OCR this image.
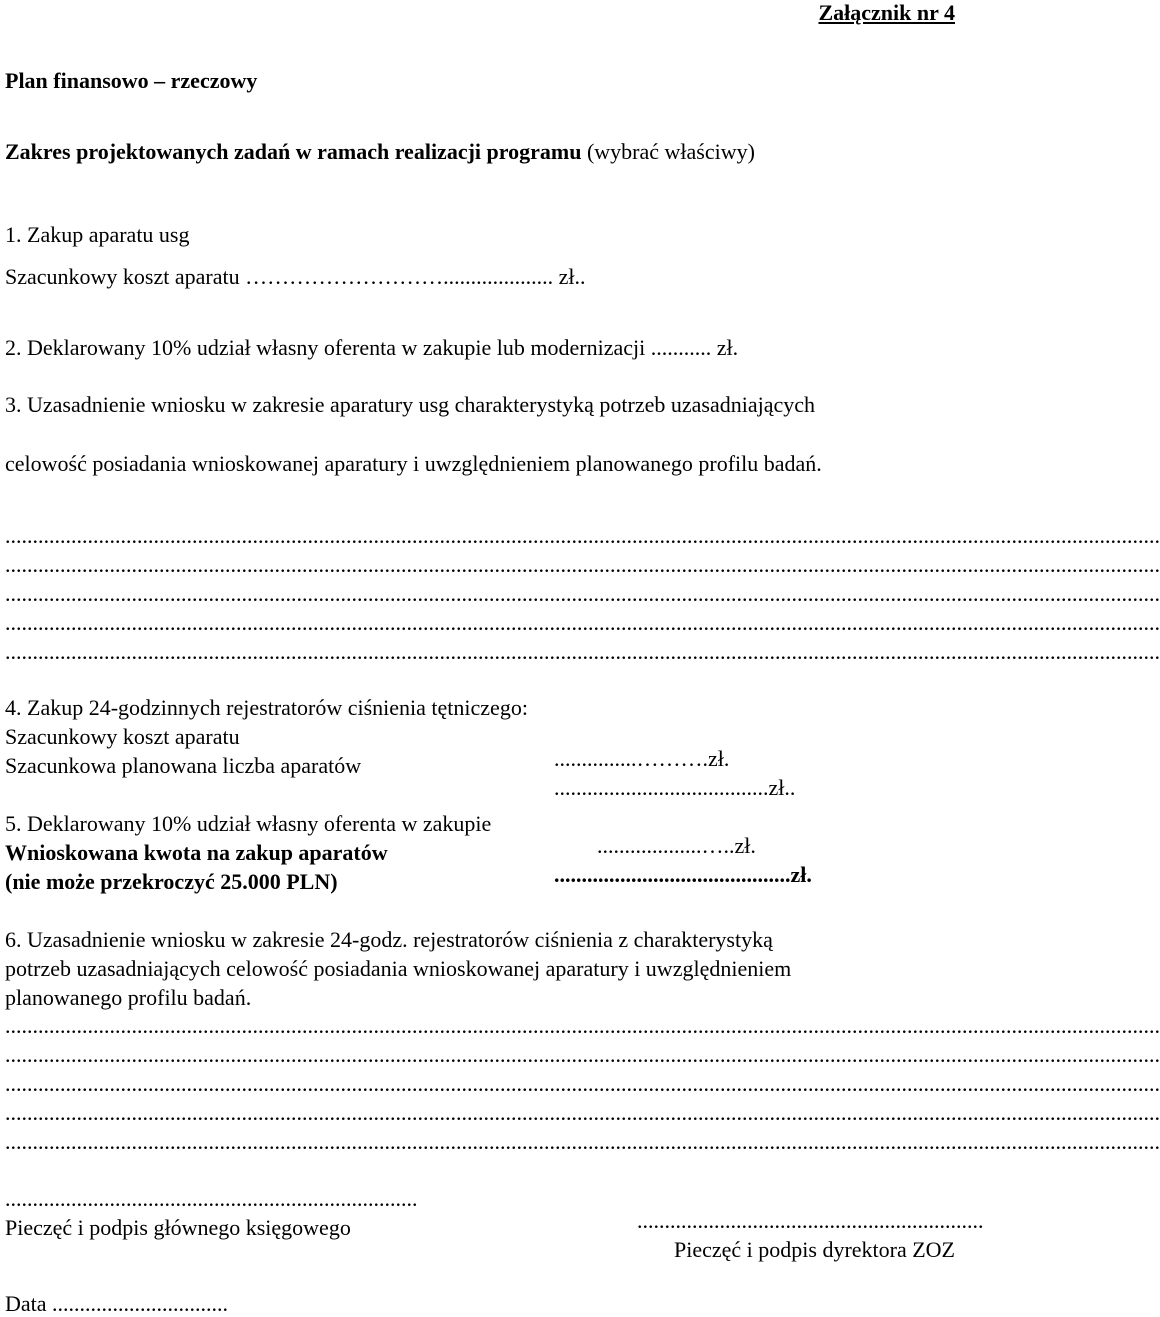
Załącznik nr 4

Plan finansowo – rzeczowy

Zakres projektowanych zadań w ramach realizacji programu (wybrać właściwy)

1. Zakup aparatu usg

Szacunkowy koszt aparatu ……………………….................... zł..

2. Deklarowany 10% udział własny oferenta w zakupie lub modernizacji ........... zł.

3. Uzasadnienie wniosku w zakresie aparatury usg charakterystyką potrzeb uzasadniających

celowość posiadania wnioskowanej aparatury i uwzględnieniem planowanego profilu badań.

..................................................................................................................................................................................................................
..................................................................................................................................................................................................................
..................................................................................................................................................................................................................
..................................................................................................................................................................................................................
..................................................................................................................................................................................................................

4. Zakup 24-godzinnych rejestratorów ciśnienia tętniczego:

Szacunkowy koszt aparatu

...............……….zł.

Szacunkowa planowana liczba aparatów

.......................................zł..

5. Deklarowany 10% udział własny oferenta w zakupie

...................…..zł.

Wnioskowana kwota na zakup aparatów

...........................................zł.

(nie może przekroczyć 25.000 PLN)

6. Uzasadnienie wniosku w zakresie 24-godz. rejestratorów ciśnienia z charakterystyką

potrzeb uzasadniających celowość posiadania wnioskowanej aparatury i uwzględnieniem

planowanego profilu badań.

..................................................................................................................................................................................................................
..................................................................................................................................................................................................................
..................................................................................................................................................................................................................
..................................................................................................................................................................................................................
..................................................................................................................................................................................................................

...........................................................................

...............................................................

Pieczęć i podpis głównego księgowego

Pieczęć i podpis dyrektora ZOZ

Data ................................
